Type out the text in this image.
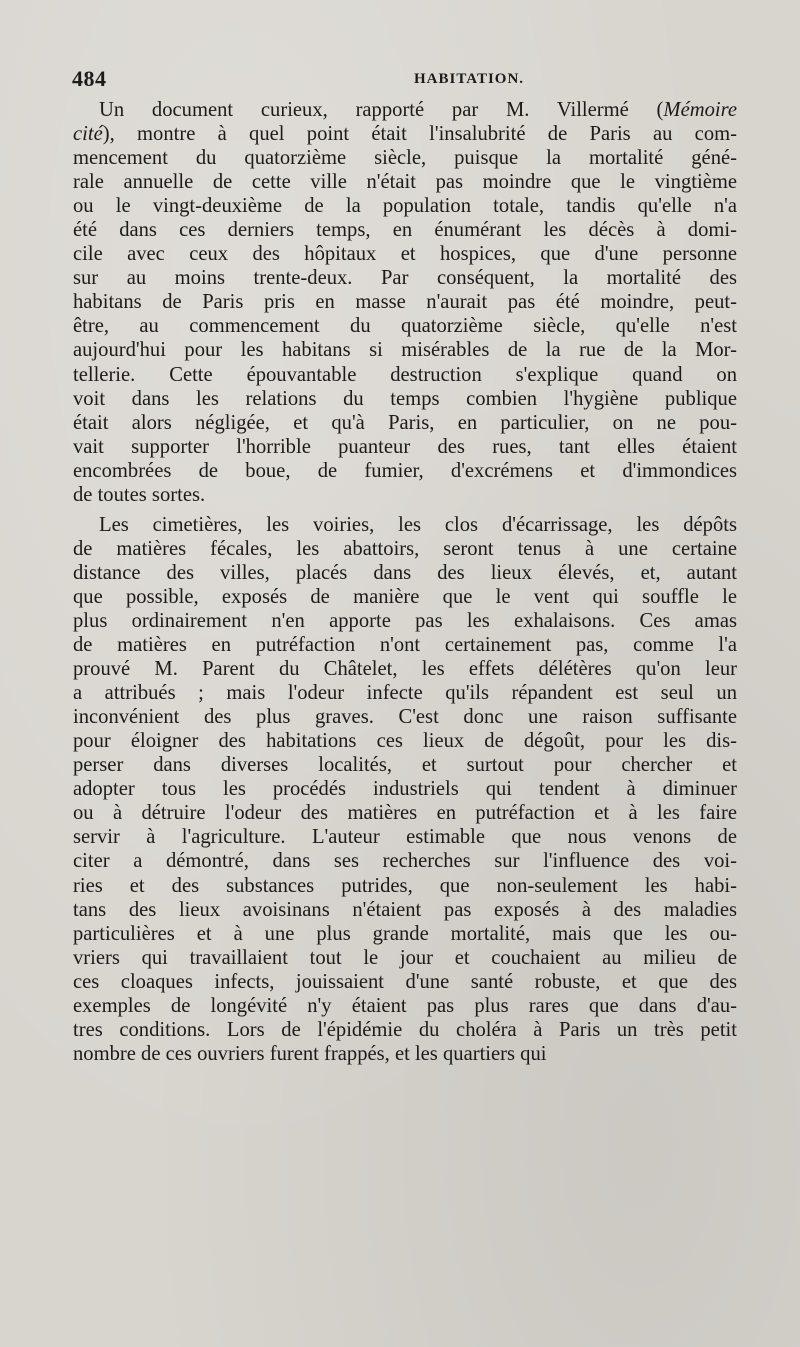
484	HABITATION.
Un document curieux, rapporté par M. Villermé (Mémoire
cité), montre à quel point était l'insalubrité de Paris au com-
mencement du quatorzième siècle, puisque la mortalité géné-
rale annuelle de cette ville n'était pas moindre que le vingtième
ou le vingt-deuxième de la population totale, tandis qu'elle n'a
été dans ces derniers temps, en énumérant les décès à domi-
cile avec ceux des hôpitaux et hospices, que d'une personne
sur au moins trente-deux. Par conséquent, la mortalité des
habitans de Paris pris en masse n'aurait pas été moindre, peut-
être, au commencement du quatorzième siècle, qu'elle n'est
aujourd'hui pour les habitans si misérables de la rue de la Mor-
tellerie. Cette épouvantable destruction s'explique quand on
voit dans les relations du temps combien l'hygiène publique
était alors négligée, et qu'à Paris, en particulier, on ne pou-
vait supporter l'horrible puanteur des rues, tant elles étaient
encombrées de boue, de fumier, d'excrémens et d'immondices
de toutes sortes.
Les cimetières, les voiries, les clos d'écarrissage, les dépôts
de matières fécales, les abattoirs, seront tenus à une certaine
distance des villes, placés dans des lieux élevés, et, autant
que possible, exposés de manière que le vent qui souffle le
plus ordinairement n'en apporte pas les exhalaisons. Ces amas
de matières en putréfaction n'ont certainement pas, comme l'a
prouvé M. Parent du Châtelet, les effets délétères qu'on leur
a attribués ; mais l'odeur infecte qu'ils répandent est seul un
inconvénient des plus graves. C'est donc une raison suffisante
pour éloigner des habitations ces lieux de dégoût, pour les dis-
perser dans diverses localités, et surtout pour chercher et
adopter tous les procédés industriels qui tendent à diminuer
ou à détruire l'odeur des matières en putréfaction et à les faire
servir à l'agriculture. L'auteur estimable que nous venons de
citer a démontré, dans ses recherches sur l'influence des voi-
ries et des substances putrides, que non-seulement les habi-
tans des lieux avoisinans n'étaient pas exposés à des maladies
particulières et à une plus grande mortalité, mais que les ou-
vriers qui travaillaient tout le jour et couchaient au milieu de
ces cloaques infects, jouissaient d'une santé robuste, et que des
exemples de longévité n'y étaient pas plus rares que dans d'au-
tres conditions. Lors de l'épidémie du choléra à Paris un très petit
nombre de ces ouvriers furent frappés, et les quartiers qui
